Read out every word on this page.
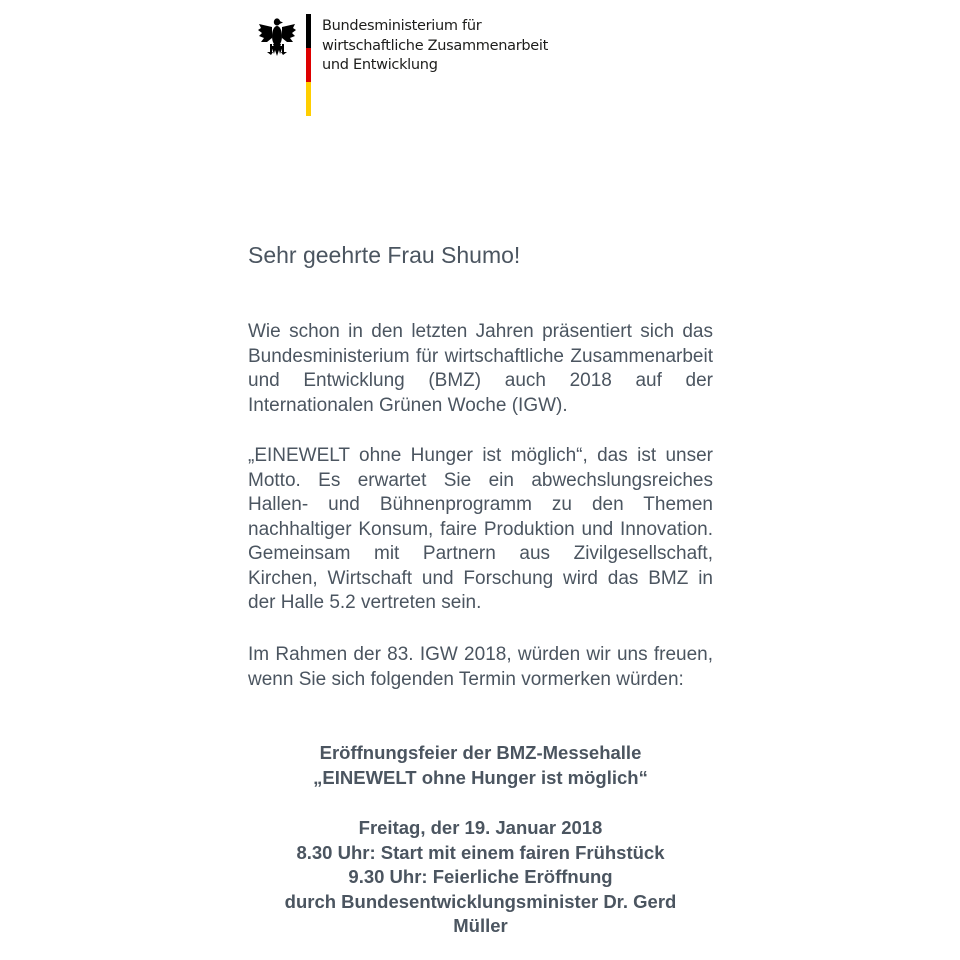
Bundesministerium für
wirtschaftliche Zusammenarbeit
und Entwicklung
Sehr geehrte Frau Shumo!
Wie schon in den letzten Jahren präsentiert sich das Bundesministerium für wirtschaftliche Zusammenarbeit und Entwicklung (BMZ) auch 2018 auf der Internationalen Grünen Woche (IGW).
„EINEWELT ohne Hunger ist möglich“, das ist unser Motto. Es erwartet Sie ein abwechslungsreiches Hallen- und Bühnenprogramm zu den Themen nachhaltiger Konsum, faire Produktion und Innovation. Gemeinsam mit Partnern aus Zivilgesellschaft, Kirchen, Wirtschaft und Forschung wird das BMZ in der Halle 5.2 vertreten sein.
Im Rahmen der 83. IGW 2018, würden wir uns freuen, wenn Sie sich folgenden Termin vormerken würden:
Eröffnungsfeier der BMZ-Messehalle
„EINEWELT ohne Hunger ist möglich“
Freitag, der 19. Januar 2018
8.30 Uhr: Start mit einem fairen Frühstück
9.30 Uhr: Feierliche Eröffnung
durch Bundesentwicklungsminister Dr. Gerd
Müller
